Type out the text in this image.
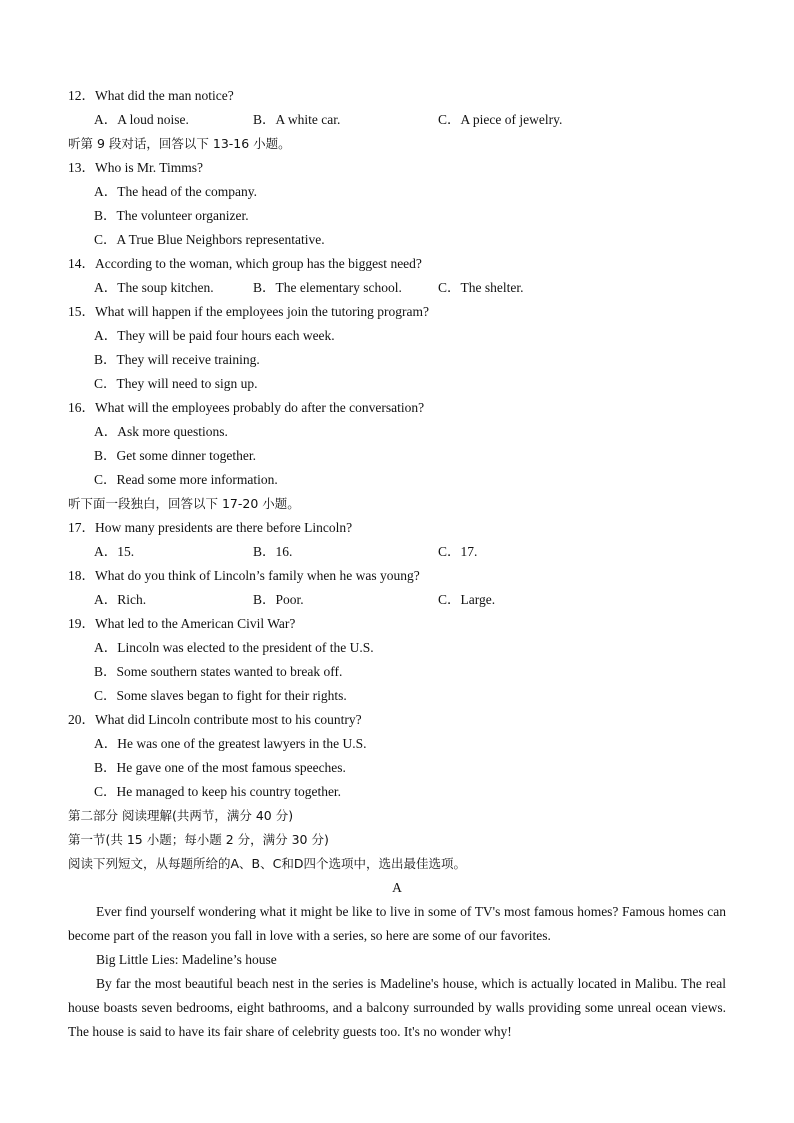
12．What did the man notice?
A．A loud noise.	B．A white car.	C．A piece of jewelry.
听第 9 段对话，回答以下 13-16 小题。
13．Who is Mr. Timms?
A．The head of the company.
B．The volunteer organizer.
C．A True Blue Neighbors representative.
14．According to the woman, which group has the biggest need?
A．The soup kitchen.	B．The elementary school.	C．The shelter.
15．What will happen if the employees join the tutoring program?
A．They will be paid four hours each week.
B．They will receive training.
C．They will need to sign up.
16．What will the employees probably do after the conversation?
A．Ask more questions.
B．Get some dinner together.
C．Read some more information.
听下面一段独白，回答以下 17-20 小题。
17．How many presidents are there before Lincoln?
A．15.	B．16.	C．17.
18．What do you think of Lincoln’s family when he was young?
A．Rich.	B．Poor.	C．Large.
19．What led to the American Civil War?
A．Lincoln was elected to the president of the U.S.
B．Some southern states wanted to break off.
C．Some slaves began to fight for their rights.
20．What did Lincoln contribute most to his country?
A．He was one of the greatest lawyers in the U.S.
B．He gave one of the most famous speeches.
C．He managed to keep his country together.
第二部分 阅读理解(共两节，满分 40 分)
第一节(共 15 小题；每小题 2 分，满分 30 分)
阅读下列短文，从每题所给的A、B、C和D四个选项中，选出最佳选项。
A
Ever find yourself wondering what it might be like to live in some of TV's most famous homes? Famous homes can become part of the reason you fall in love with a series, so here are some of our favorites.
Big Little Lies: Madeline’s house
By far the most beautiful beach nest in the series is Madeline's house, which is actually located in Malibu. The real house boasts seven bedrooms, eight bathrooms, and a balcony surrounded by walls providing some unreal ocean views. The house is said to have its fair share of celebrity guests too. It's no wonder why!
